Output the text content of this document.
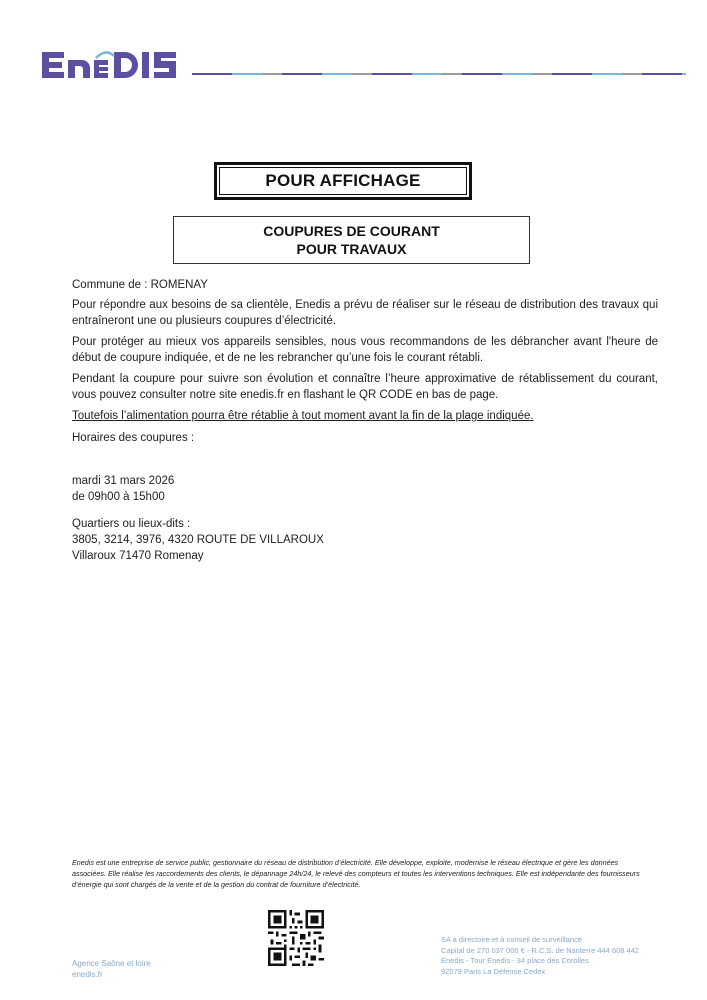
POUR AFFICHAGE
COUPURES DE COURANT
POUR TRAVAUX
Commune de : ROMENAY
Pour répondre aux besoins de sa clientèle, Enedis a prévu de réaliser sur le réseau de distribution des travaux qui entraîneront une ou plusieurs coupures d’électricité.
Pour protéger au mieux vos appareils sensibles, nous vous recommandons de les débrancher avant l'heure de début de coupure indiquée, et de ne les rebrancher qu’une fois le courant rétabli.
Pendant la coupure pour suivre son évolution et connaître l’heure approximative de rétablissement du courant, vous pouvez consulter notre site enedis.fr en flashant le QR CODE en bas de page.
Toutefois l’alimentation pourra être rétablie à tout moment avant la fin de la plage indiquée.
Horaires des coupures :
mardi 31 mars 2026
de 09h00 à 15h00
Quartiers ou lieux-dits :
3805, 3214, 3976, 4320 ROUTE DE VILLAROUX
Villaroux 71470 Romenay
Enedis est une entreprise de service public, gestionnaire du réseau de distribution d’électricité. Elle développe, exploite, modernise le réseau électrique et gère les données associées. Elle réalise les raccordements des clients, le dépannage 24h/24, le relevé des compteurs et toutes les interventions techniques. Elle est indépendante des fournisseurs d’énergie qui sont chargés de la vente et de la gestion du contrat de fourniture d’électricité.
Agence Saône et loire
enedis.fr
SA à directoire et à conseil de surveillance
Capital de 270 037 000 € - R.C.S. de Nanterre 444 608 442
Enedis - Tour Enedis - 34 place des Corolles
92079 Paris La Défense Cedex
